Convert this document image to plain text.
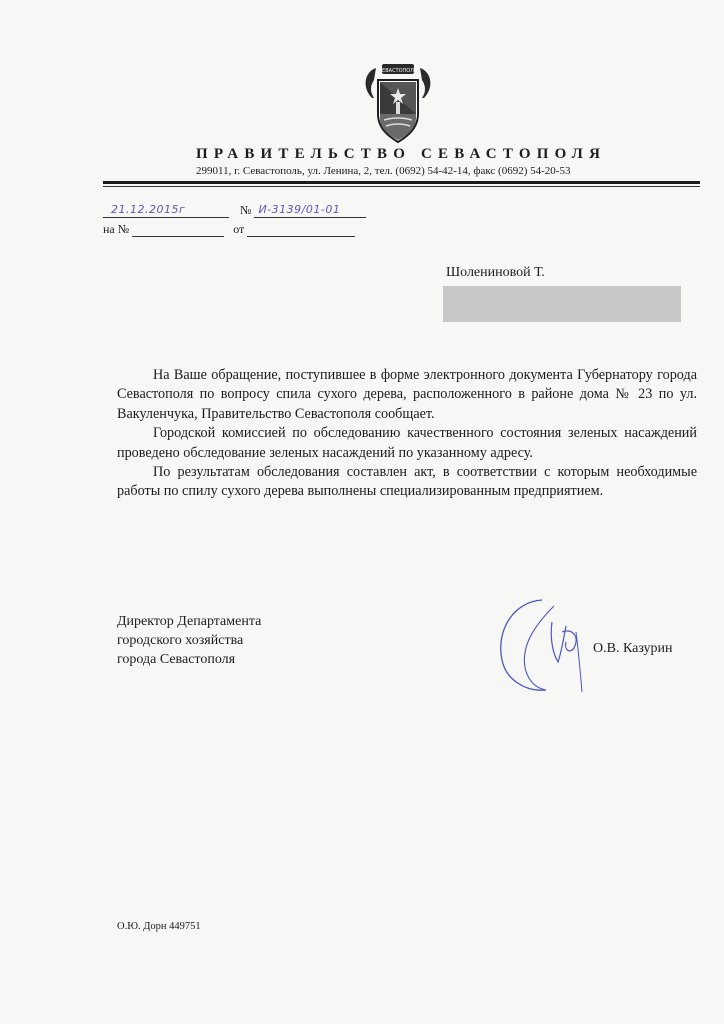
СЕВАСТОПОЛЬ
ПРАВИТЕЛЬСТВО СЕВАСТОПОЛЯ
299011, г. Севастополь, ул. Ленина, 2, тел. (0692) 54-42-14, факс (0692) 54-20-53
21.12.2015г	№ И-3139/01-01
на №	от
Шолениновой Т.

На Ваше обращение, поступившее в форме электронного документа Губернатору города Севастополя по вопросу спила сухого дерева, расположенного в районе дома № 23 по ул. Вакуленчука, Правительство Севастополя сообщает.

Городской комиссией по обследованию качественного состояния зеленых насаждений проведено обследование зеленых насаждений по указанному адресу.

По результатам обследования составлен акт, в соответствии с которым необходимые работы по спилу сухого дерева выполнены специализированным предприятием.

Директор Департамента
городского хозяйства
города Севастополя
О.В. Казурин
О.Ю. Дорн 449751
